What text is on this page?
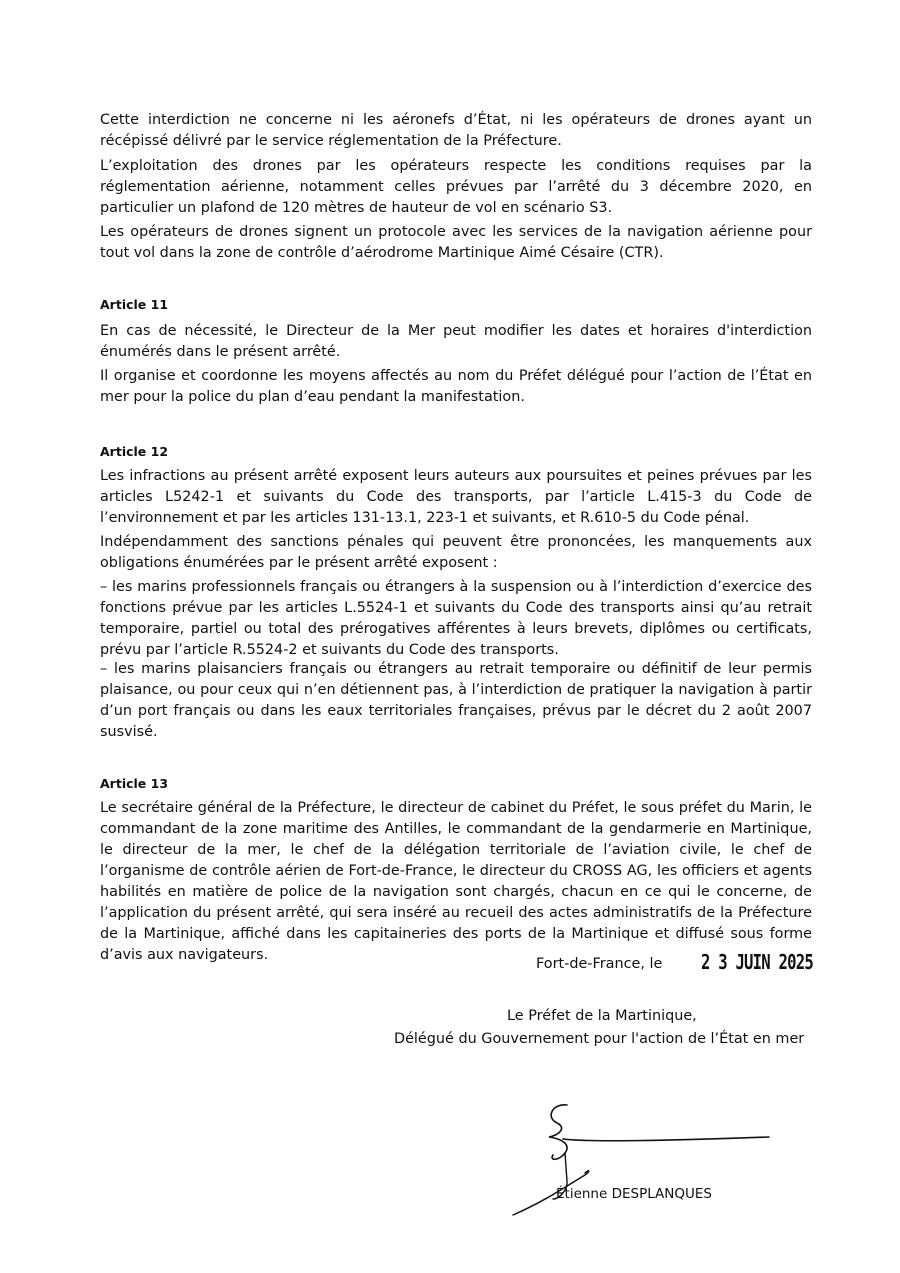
Cette interdiction ne concerne ni les aéronefs d’État, ni les opérateurs de drones ayant un récépissé délivré par le service réglementation de la Préfecture.

L’exploitation des drones par les opérateurs respecte les conditions requises par la réglementation aérienne, notamment celles prévues par l’arrêté du 3 décembre 2020, en particulier un plafond de 120 mètres de hauteur de vol en scénario S3.

Les opérateurs de drones signent un protocole avec les services de la navigation aérienne pour tout vol dans la zone de contrôle d’aérodrome Martinique Aimé Césaire (CTR).

Article 11

En cas de nécessité, le Directeur de la Mer peut modifier les dates et horaires d'interdiction énumérés dans le présent arrêté.

Il organise et coordonne les moyens affectés au nom du Préfet délégué pour l’action de l’État en mer pour la police du plan d’eau pendant la manifestation.

Article 12

Les infractions au présent arrêté exposent leurs auteurs aux poursuites et peines prévues par les articles L5242-1 et suivants du Code des transports, par l’article L.415-3 du Code de l’environnement et par les articles 131-13.1, 223-1 et suivants, et R.610-5 du Code pénal.

Indépendamment des sanctions pénales qui peuvent être prononcées, les manquements aux obligations énumérées par le présent arrêté exposent :

– les marins professionnels français ou étrangers à la suspension ou à l’interdiction d’exercice des fonctions prévue par les articles L.5524-1 et suivants du Code des transports ainsi qu’au retrait temporaire, partiel ou total des prérogatives afférentes à leurs brevets, diplômes ou certificats, prévu par l’article R.5524-2 et suivants du Code des transports.

– les marins plaisanciers français ou étrangers au retrait temporaire ou définitif de leur permis plaisance, ou pour ceux qui n’en détiennent pas, à l’interdiction de pratiquer la navigation à partir d’un port français ou dans les eaux territoriales françaises, prévus par le décret du 2 août 2007 susvisé.

Article 13

Le secrétaire général de la Préfecture, le directeur de cabinet du Préfet, le sous préfet du Marin, le commandant de la zone maritime des Antilles, le commandant de la gendarmerie en Martinique, le directeur de la mer, le chef de la délégation territoriale de l’aviation civile, le chef de l’organisme de contrôle aérien de Fort-de-France, le directeur du CROSS AG, les officiers et agents habilités en matière de police de la navigation sont chargés, chacun en ce qui le concerne, de l’application du présent arrêté, qui sera inséré au recueil des actes administratifs de la Préfecture de la Martinique, affiché dans les capitaineries des ports de la Martinique et diffusé sous forme d’avis aux navigateurs.

Fort-de-France, le 2 3 JUIN 2025
Le Préfet de la Martinique,
Délégué du Gouvernement pour l'action de l’État en mer
Étienne DESPLANQUES
